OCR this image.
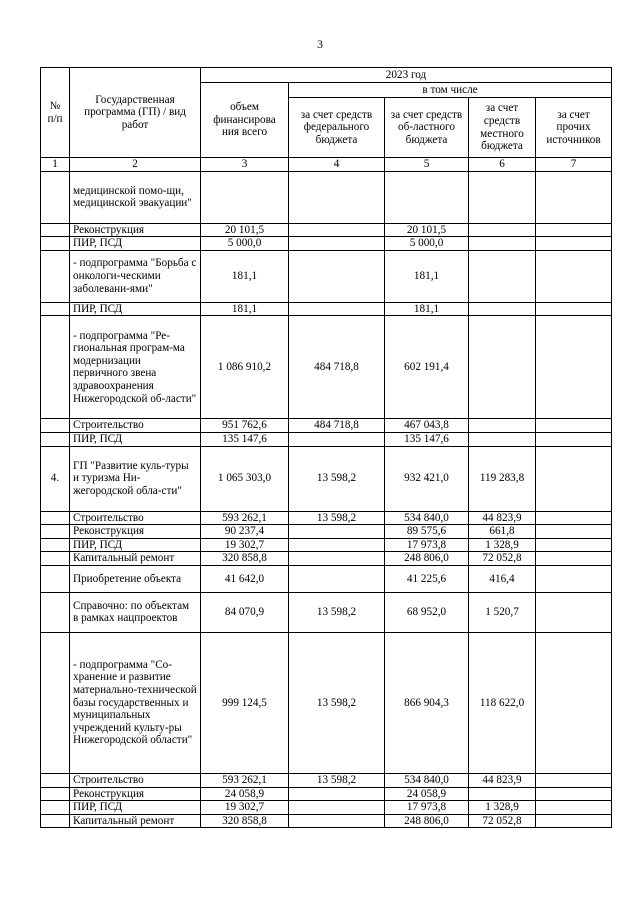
3
№ п/п	Государственная программа (ГП) / вид работ	2023 год				
		объем финансирова ния всего	в том числе			
			за счет средств федерального бюджета	за счет средств об-ластного бюджета	за счет средств местного бюджета	за счет прочих источников
1	2	3	4	5	6	7
	медицинской помо-щи, медицинской эвакуации"					
	Реконструкция	20 101,5		20 101,5		
	ПИР, ПСД	5 000,0		5 000,0		
	- подпрограмма "Борьба с онкологи-ческими заболевани-ями"	181,1		181,1		
	ПИР, ПСД	181,1		181,1		
	- подпрограмма "Ре-гиональная програм-ма модернизации первичного звена здравоохранения Нижегородской об-ласти"	1 086 910,2	484 718,8	602 191,4		
	Строительство	951 762,6	484 718,8	467 043,8		
	ПИР, ПСД	135 147,6		135 147,6		
4.	ГП "Развитие куль-туры и туризма Ни-жегородской обла-сти"	1 065 303,0	13 598,2	932 421,0	119 283,8	
	Строительство	593 262,1	13 598,2	534 840,0	44 823,9	
	Реконструкция	90 237,4		89 575,6	661,8	
	ПИР, ПСД	19 302,7		17 973,8	1 328,9	
	Капитальный ремонт	320 858,8		248 806,0	72 052,8	
	Приобретение объекта	41 642,0		41 225,6	416,4	
	Справочно: по объектам в рамках нацпроектов	84 070,9	13 598,2	68 952,0	1 520,7	
	- подпрограмма "Со-хранение и развитие материально-технической базы государственных и муниципальных учреждений культу-ры Нижегородской области"	999 124,5	13 598,2	866 904,3	118 622,0	
	Строительство	593 262,1	13 598,2	534 840,0	44 823,9	
	Реконструкция	24 058,9		24 058,9		
	ПИР, ПСД	19 302,7		17 973,8	1 328,9	
	Капитальный ремонт	320 858,8		248 806,0	72 052,8	
